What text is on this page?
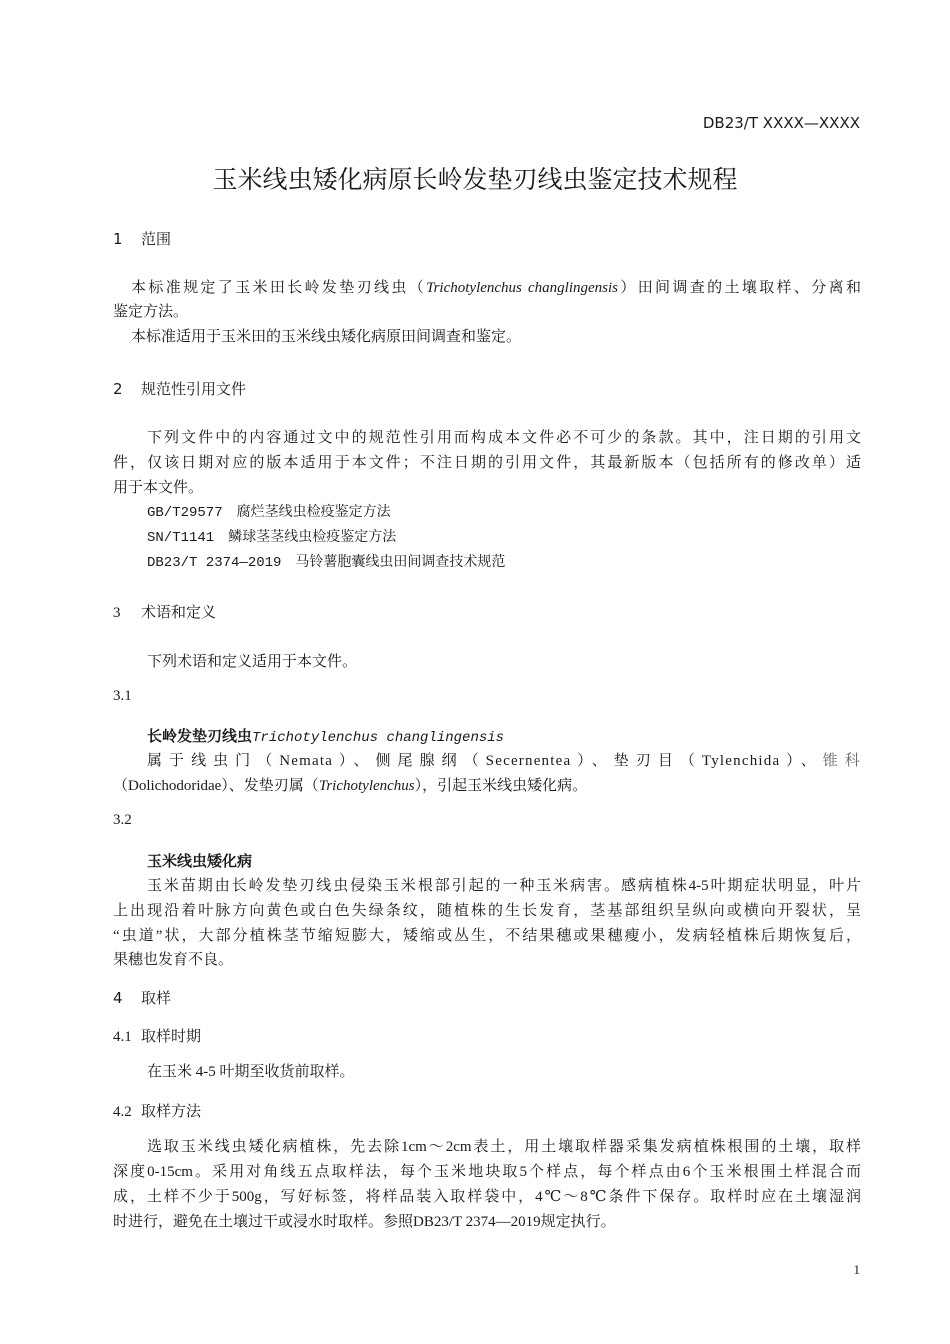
DB23/T XXXX—XXXX
玉米线虫矮化病原长岭发垫刃线虫鉴定技术规程
1 范围
本标准规定了玉米田长岭发垫刃线虫（Trichotylenchus changlingensis）田间调查的土壤取样、分离和
鉴定方法。
本标准适用于玉米田的玉米线虫矮化病原田间调查和鉴定。
2 规范性引用文件
下列文件中的内容通过文中的规范性引用而构成本文件必不可少的条款。其中，注日期的引用文
件，仅该日期对应的版本适用于本文件；不注日期的引用文件，其最新版本（包括所有的修改单）适
用于本文件。
GB/T29577 腐烂茎线虫检疫鉴定方法
SN/T1141 鳞球茎茎线虫检疫鉴定方法
DB23/T 2374—2019 马铃薯胞囊线虫田间调查技术规范
3 术语和定义
下列术语和定义适用于本文件。
3.1
长岭发垫刃线虫Trichotylenchus changlingensis
属于线虫门（Nemata）、侧尾腺纲（Secernentea）、垫刃目（Tylenchida）、锥科
（Dolichodoridae）、发垫刃属（Trichotylenchus），引起玉米线虫矮化病。
3.2
玉米线虫矮化病
玉米苗期由长岭发垫刃线虫侵染玉米根部引起的一种玉米病害。感病植株4-5叶期症状明显，叶片
上出现沿着叶脉方向黄色或白色失绿条纹，随植株的生长发育，茎基部组织呈纵向或横向开裂状，呈
“虫道”状，大部分植株茎节缩短膨大，矮缩或丛生，不结果穗或果穗瘦小，发病轻植株后期恢复后，
果穗也发育不良。
4 取样
4.1 取样时期
在玉米 4-5 叶期至收货前取样。
4.2 取样方法
选取玉米线虫矮化病植株，先去除1cm～2cm表土，用土壤取样器采集发病植株根围的土壤，取样
深度0-15cm。采用对角线五点取样法，每个玉米地块取5个样点，每个样点由6个玉米根围土样混合而
成，土样不少于500g，写好标签，将样品装入取样袋中，4℃～8℃条件下保存。取样时应在土壤湿润
时进行，避免在土壤过干或浸水时取样。参照DB23/T 2374—2019规定执行。
1
